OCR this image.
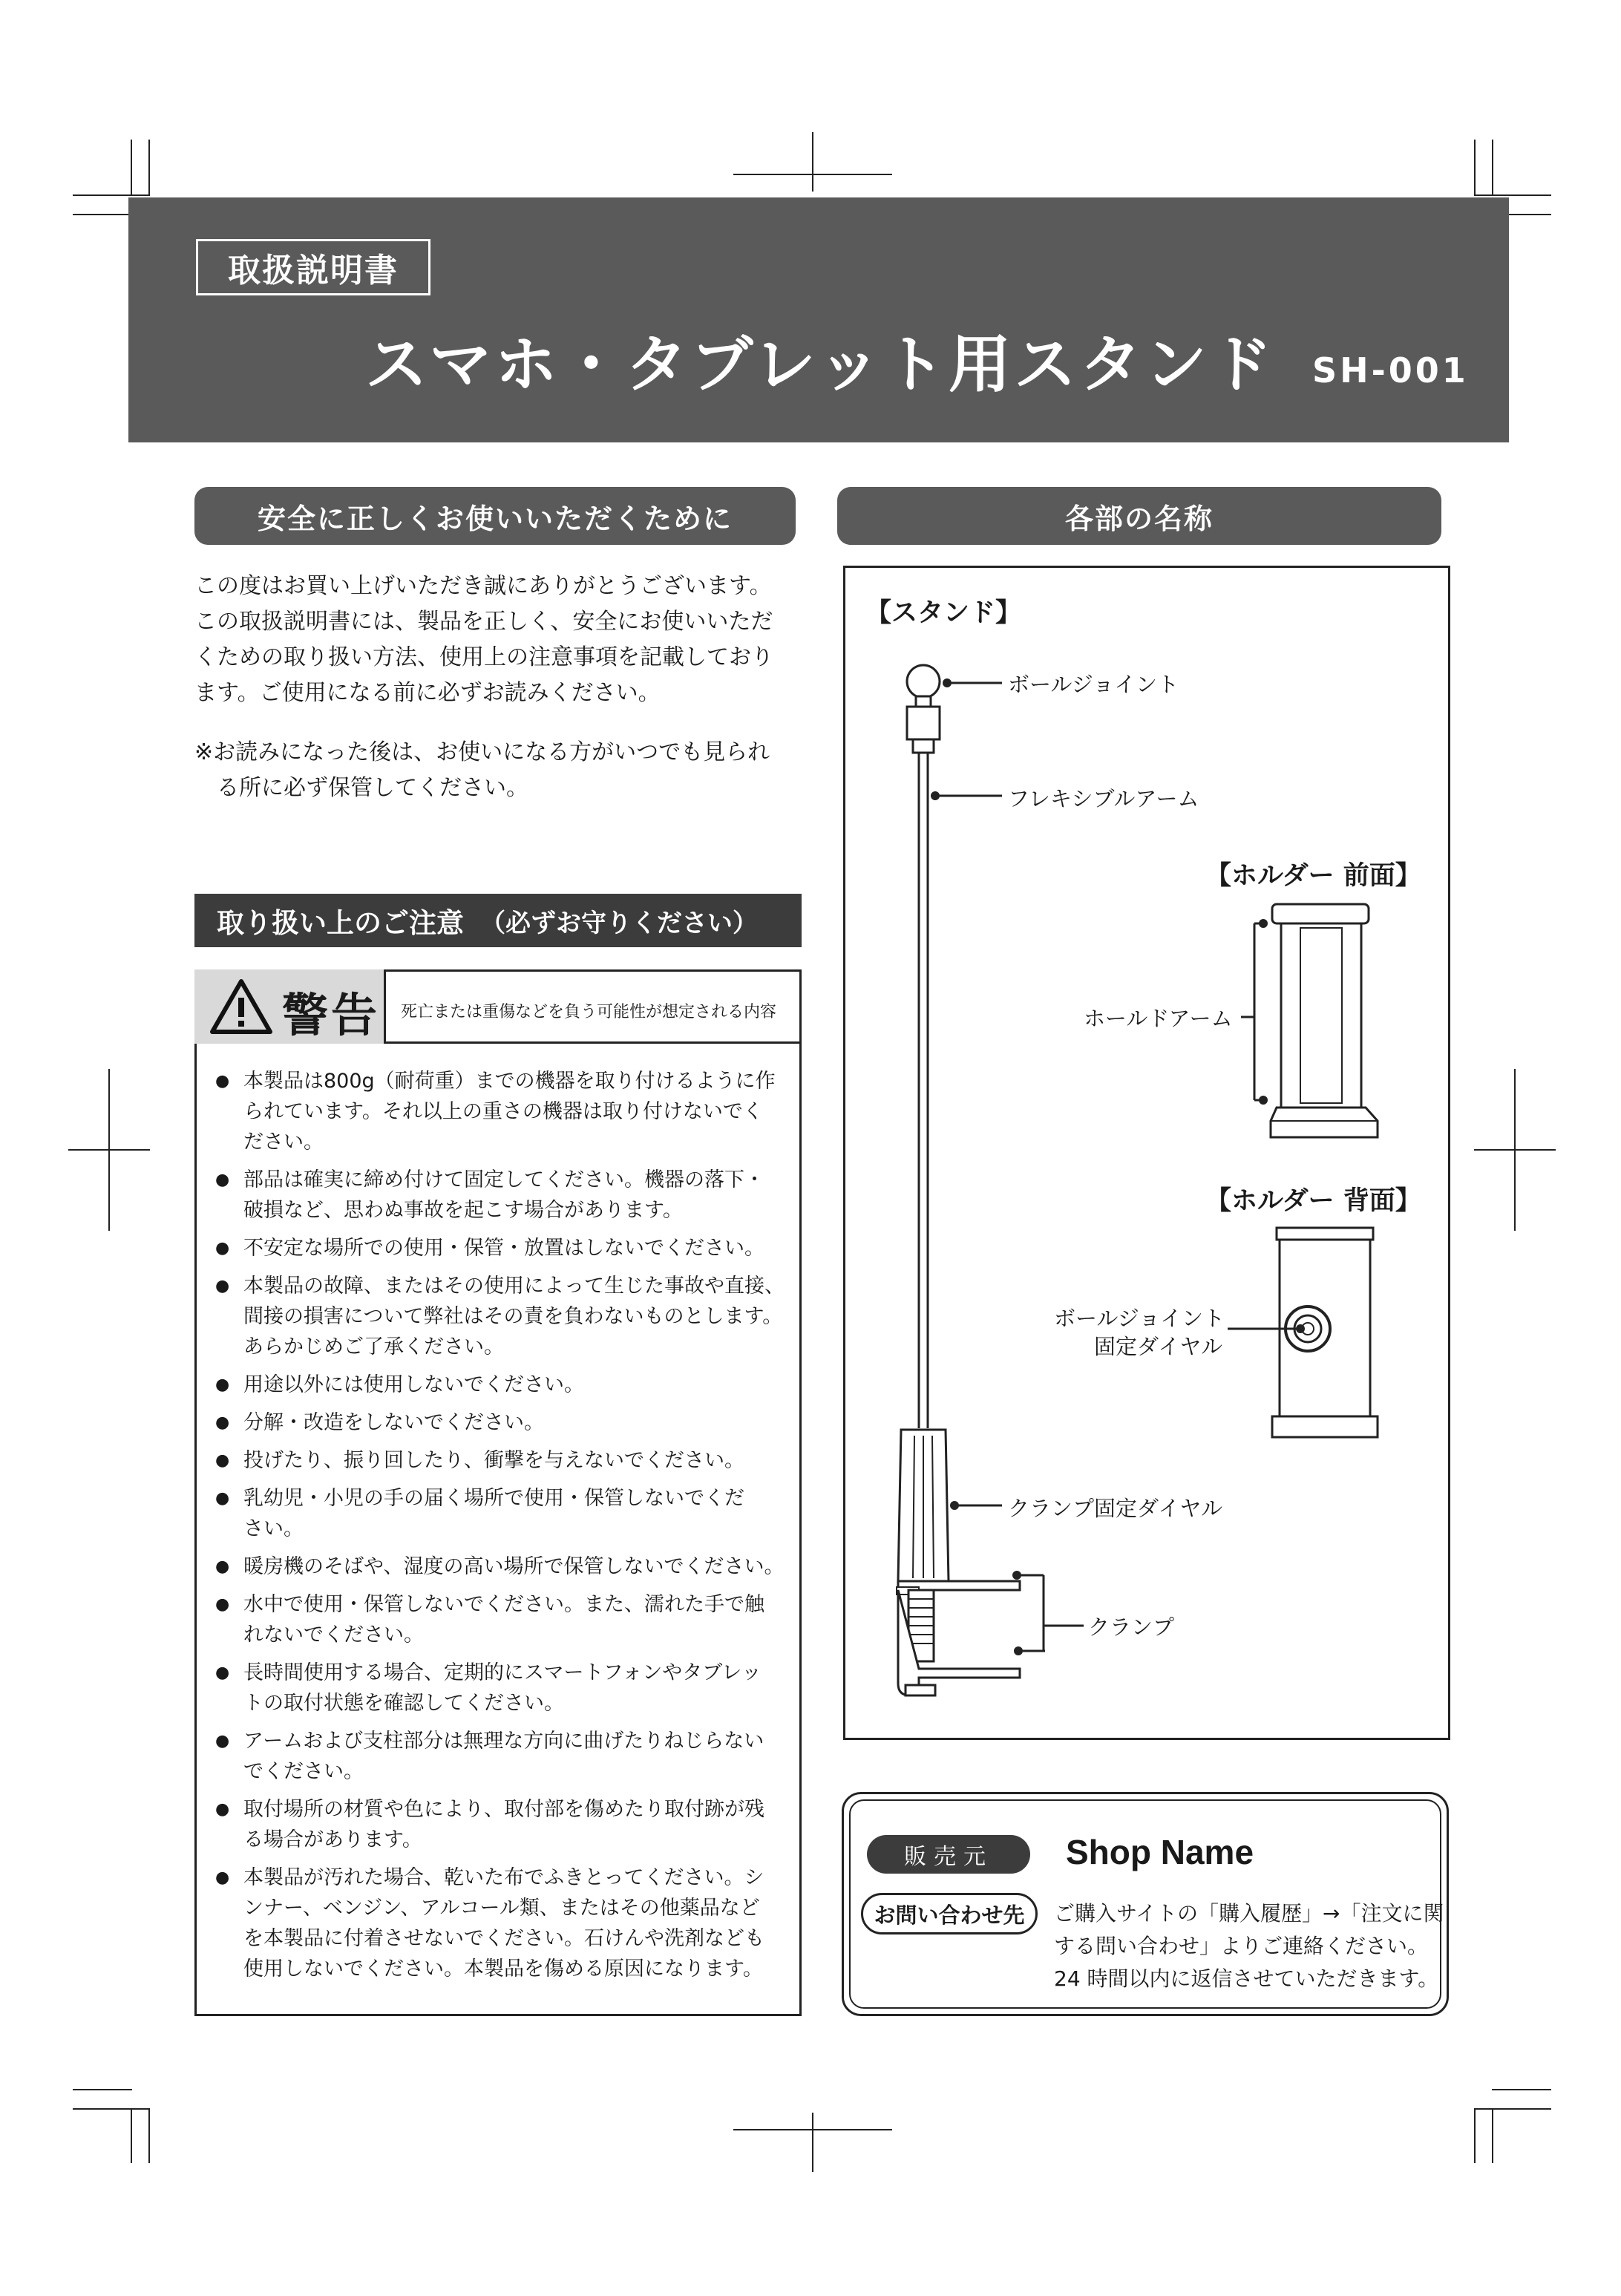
取扱説明書
スマホ・タブレット用スタンド SH-001
安全に正しくお使いいただくために
この度はお買い上げいただき誠にありがとうございます。
この取扱説明書には、製品を正しく、安全にお使いいただ
くための取り扱い方法、使用上の注意事項を記載しており
ます。ご使用になる前に必ずお読みください。
※お読みになった後は、お使いになる方がいつでも見られ
る所に必ず保管してください。
取り扱い上のご注意 （必ずお守りください）
警告 死亡または重傷などを負う可能性が想定される内容
● 本製品は800g（耐荷重）までの機器を取り付けるように作
られています。それ以上の重さの機器は取り付けないでく
ださい。
● 部品は確実に締め付けて固定してください。機器の落下・
破損など、思わぬ事故を起こす場合があります。
● 不安定な場所での使用・保管・放置はしないでください。
● 本製品の故障、またはその使用によって生じた事故や直接、
間接の損害について弊社はその責を負わないものとします。
あらかじめご了承ください。
● 用途以外には使用しないでください。
● 分解・改造をしないでください。
● 投げたり、振り回したり、衝撃を与えないでください。
● 乳幼児・小児の手の届く場所で使用・保管しないでくだ
さい。
● 暖房機のそばや、湿度の高い場所で保管しないでください。
● 水中で使用・保管しないでください。また、濡れた手で触
れないでください。
● 長時間使用する場合、定期的にスマートフォンやタブレッ
トの取付状態を確認してください。
● アームおよび支柱部分は無理な方向に曲げたりねじらない
でください。
● 取付場所の材質や色により、取付部を傷めたり取付跡が残
る場合があります。
● 本製品が汚れた場合、乾いた布でふきとってください。シ
ンナー、ベンジン、アルコール類、またはその他薬品など
を本製品に付着させないでください。石けんや洗剤なども
使用しないでください。本製品を傷める原因になります。
各部の名称
【スタンド】
ボールジョイント
フレキシブルアーム
クランプ固定ダイヤル
クランプ
【ホルダー 前面】
ホールドアーム
【ホルダー 背面】
ボールジョイント
固定ダイヤル
販売元	Shop Name
お問い合わせ先	ご購入サイトの「購入履歴」→「注文に関
する問い合わせ」よりご連絡ください。
24 時間以内に返信させていただきます。
